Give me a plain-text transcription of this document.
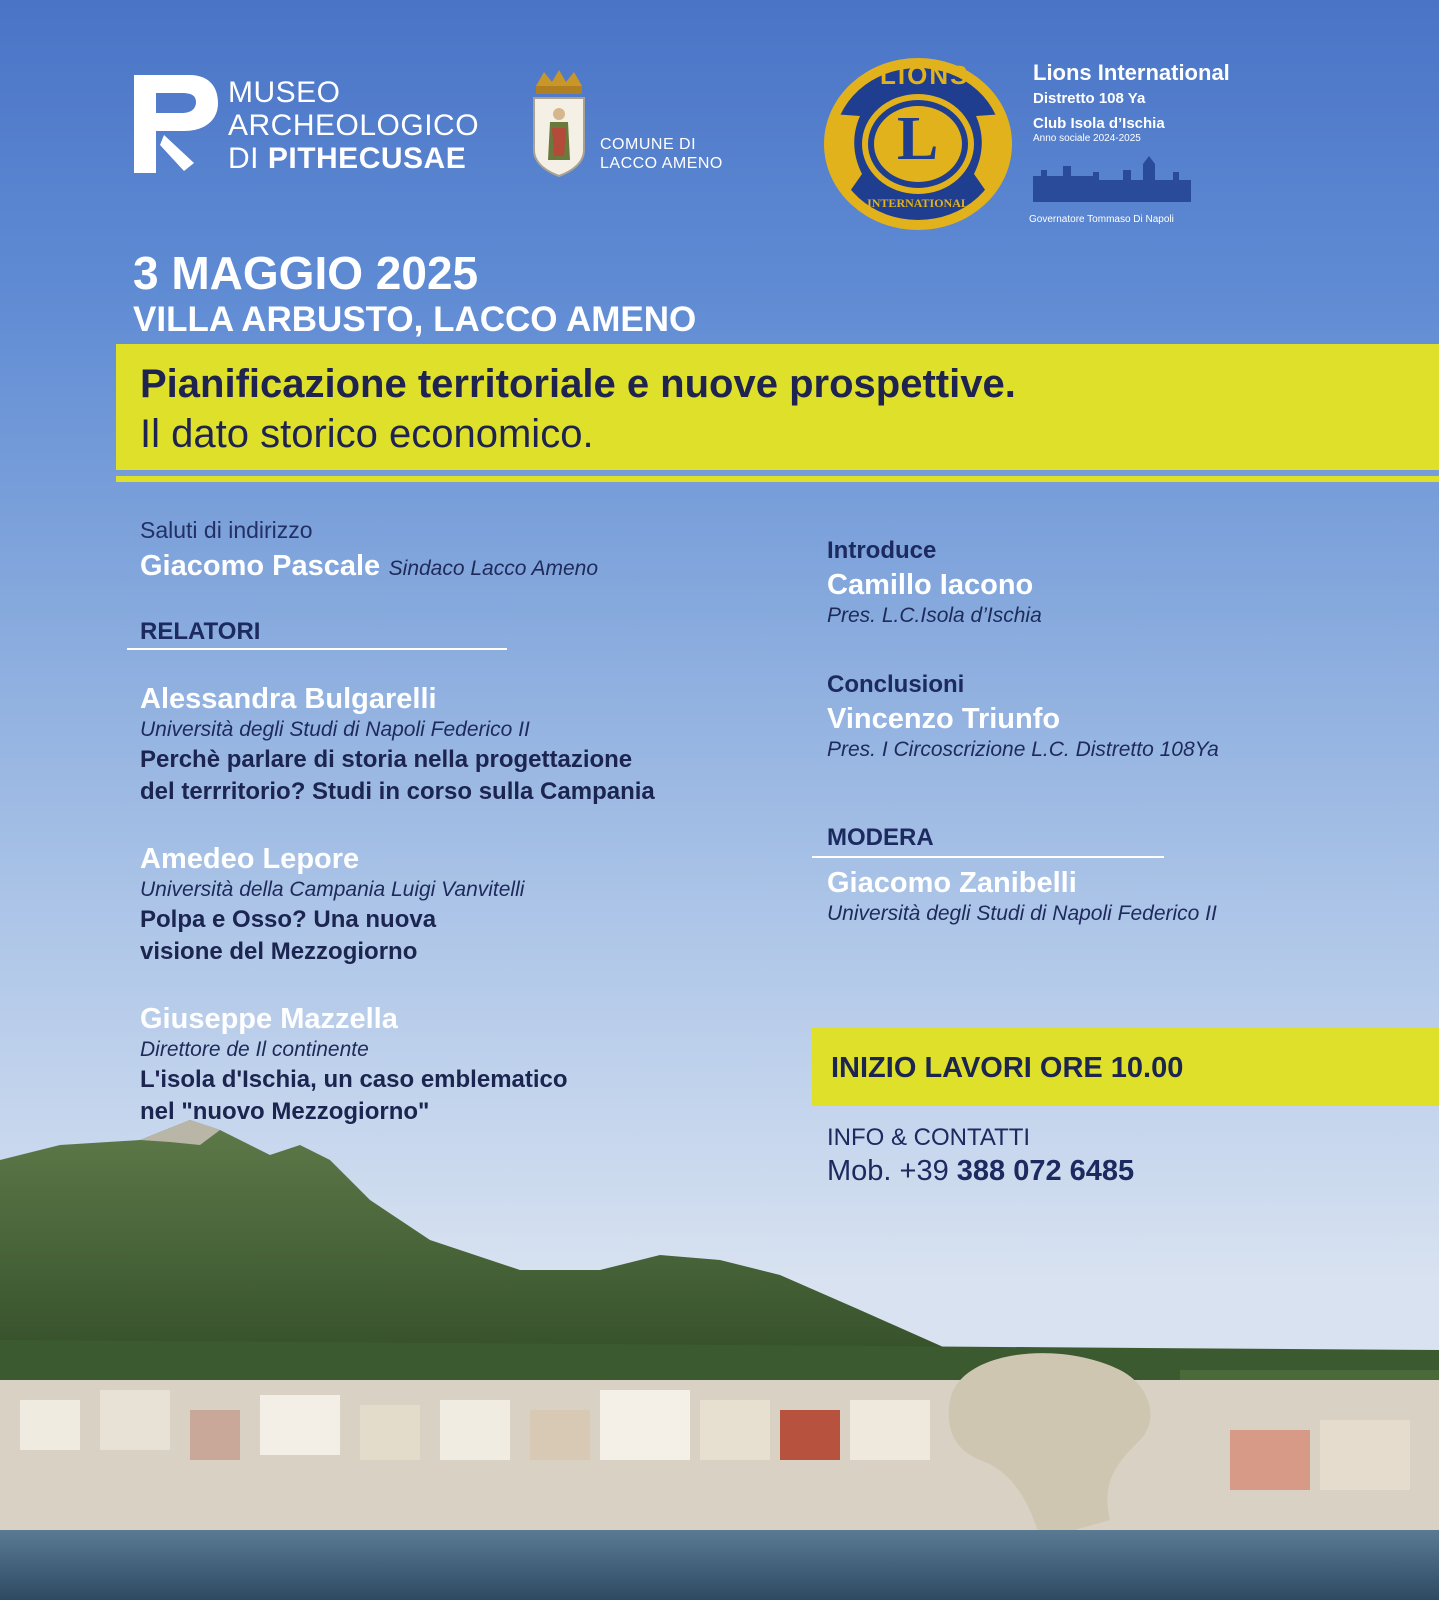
MUSEO
ARCHEOLOGICO
DI PITHECUSAE	COMUNE DI
LACCO AMENO
LIONS
L
INTERNATIONAL
Lions International
Distretto 108 Ya
Club Isola d’Ischia
Anno sociale 2024-2025
Governatore Tommaso Di Napoli
3 MAGGIO 2025
VILLA ARBUSTO, LACCO AMENO
Pianificazione territoriale e nuove prospettive.
Il dato storico economico.
Saluti di indirizzo
Giacomo Pascale Sindaco Lacco Ameno
RELATORI
Alessandra Bulgarelli
Università degli Studi di Napoli Federico II
Perchè parlare di storia nella progettazione
del terrritorio? Studi in corso sulla Campania
Amedeo Lepore
Università della Campania Luigi Vanvitelli
Polpa e Osso? Una nuova
visione del Mezzogiorno
Giuseppe Mazzella
Direttore de Il continente
L'isola d'Ischia, un caso emblematico
nel "nuovo Mezzogiorno"
Introduce
Camillo Iacono
Pres. L.C.Isola d’Ischia
Conclusioni
Vincenzo Triunfo
Pres. I Circoscrizione L.C. Distretto 108Ya
MODERA
Giacomo Zanibelli
Università degli Studi di Napoli Federico II
INIZIO LAVORI ORE 10.00
INFO & CONTATTI
Mob. +39 388 072 6485
